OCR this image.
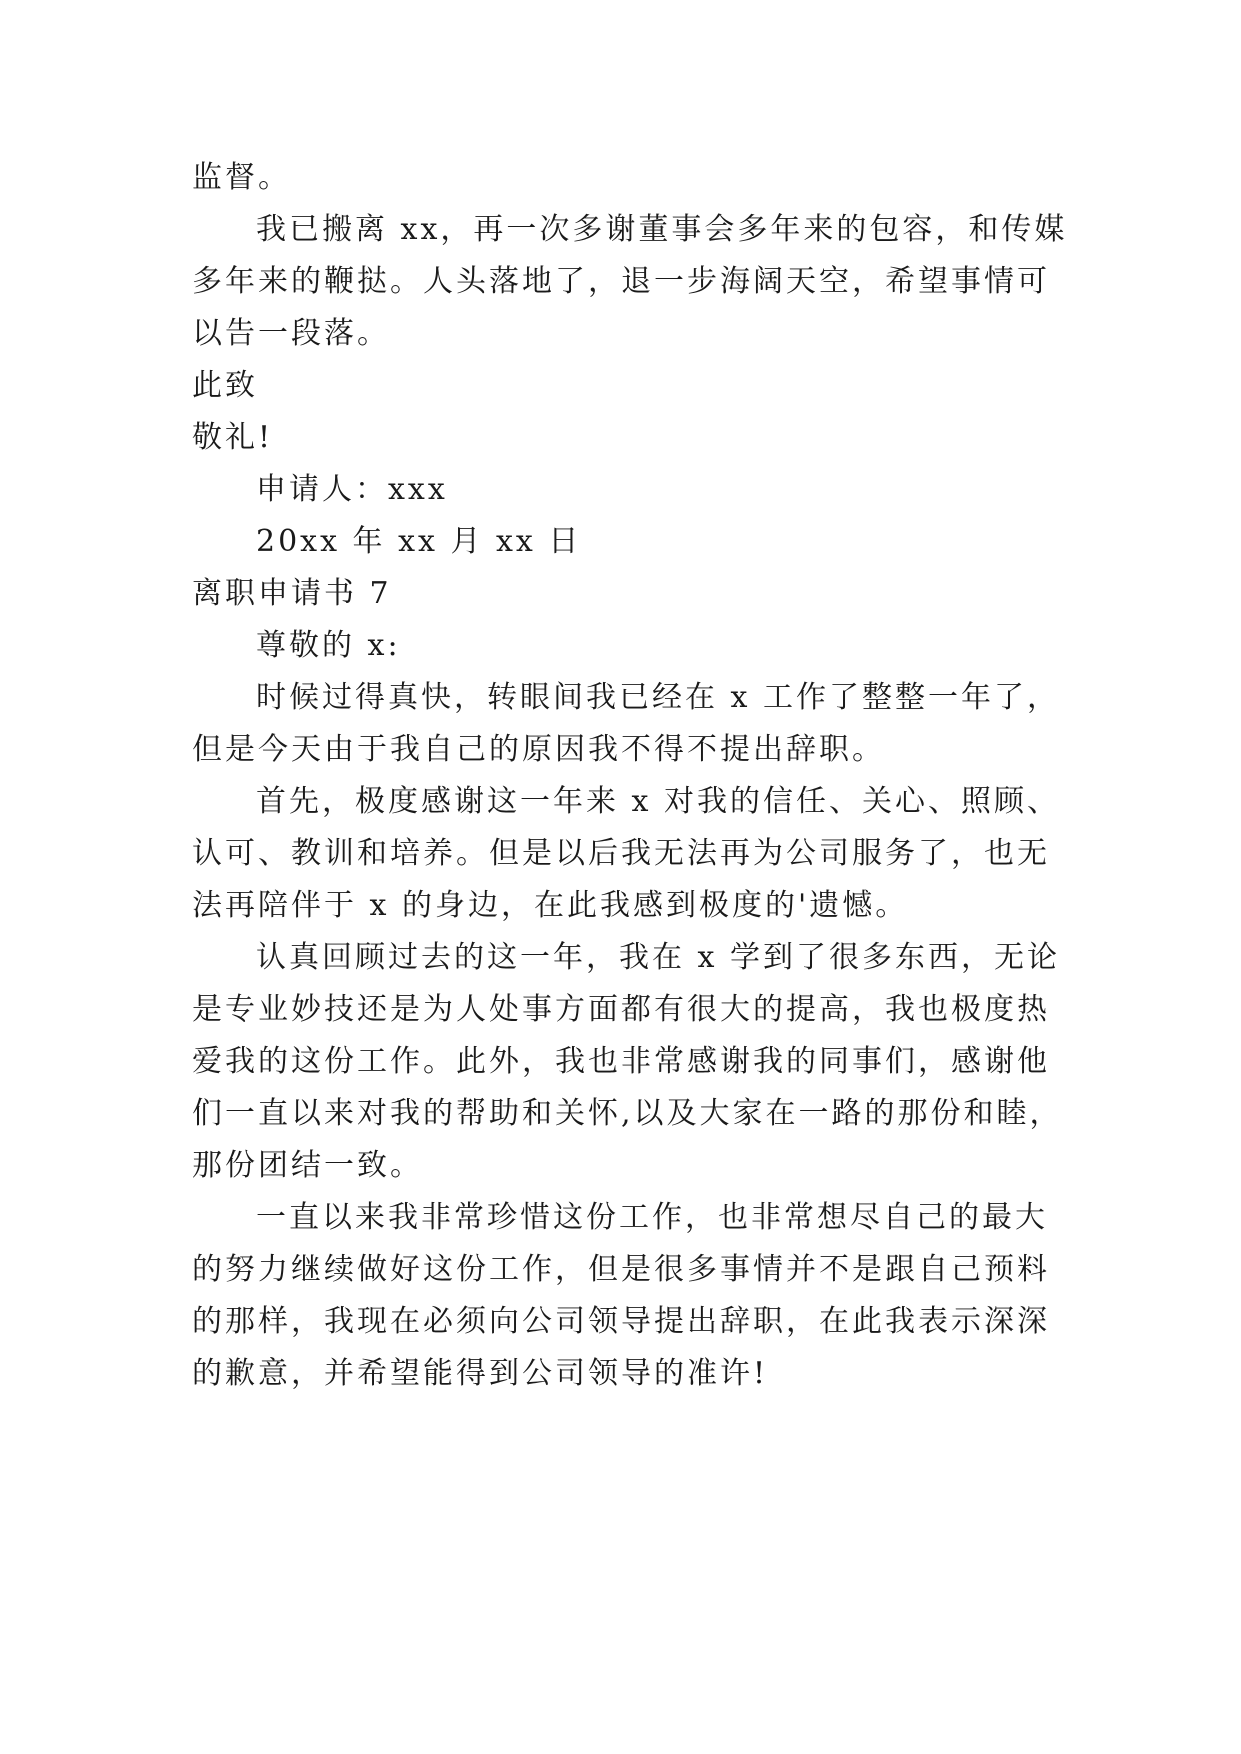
监督。
我已搬离 xx，再一次多谢董事会多年来的包容，和传媒
多年来的鞭挞。人头落地了，退一步海阔天空，希望事情可
以告一段落。
此致
敬礼!
申请人：xxx
20xx 年 xx 月 xx 日
离职申请书 7
尊敬的 x:
时候过得真快，转眼间我已经在 x 工作了整整一年了，
但是今天由于我自己的原因我不得不提出辞职。
首先，极度感谢这一年来 x 对我的信任、关心、照顾、
认可、教训和培养。但是以后我无法再为公司服务了，也无
法再陪伴于 x 的身边，在此我感到极度的'遗憾。
认真回顾过去的这一年，我在 x 学到了很多东西，无论
是专业妙技还是为人处事方面都有很大的提高，我也极度热
爱我的这份工作。此外，我也非常感谢我的同事们，感谢他
们一直以来对我的帮助和关怀,以及大家在一路的那份和睦，
那份团结一致。
一直以来我非常珍惜这份工作，也非常想尽自己的最大
的努力继续做好这份工作，但是很多事情并不是跟自己预料
的那样，我现在必须向公司领导提出辞职，在此我表示深深
的歉意，并希望能得到公司领导的准许!
